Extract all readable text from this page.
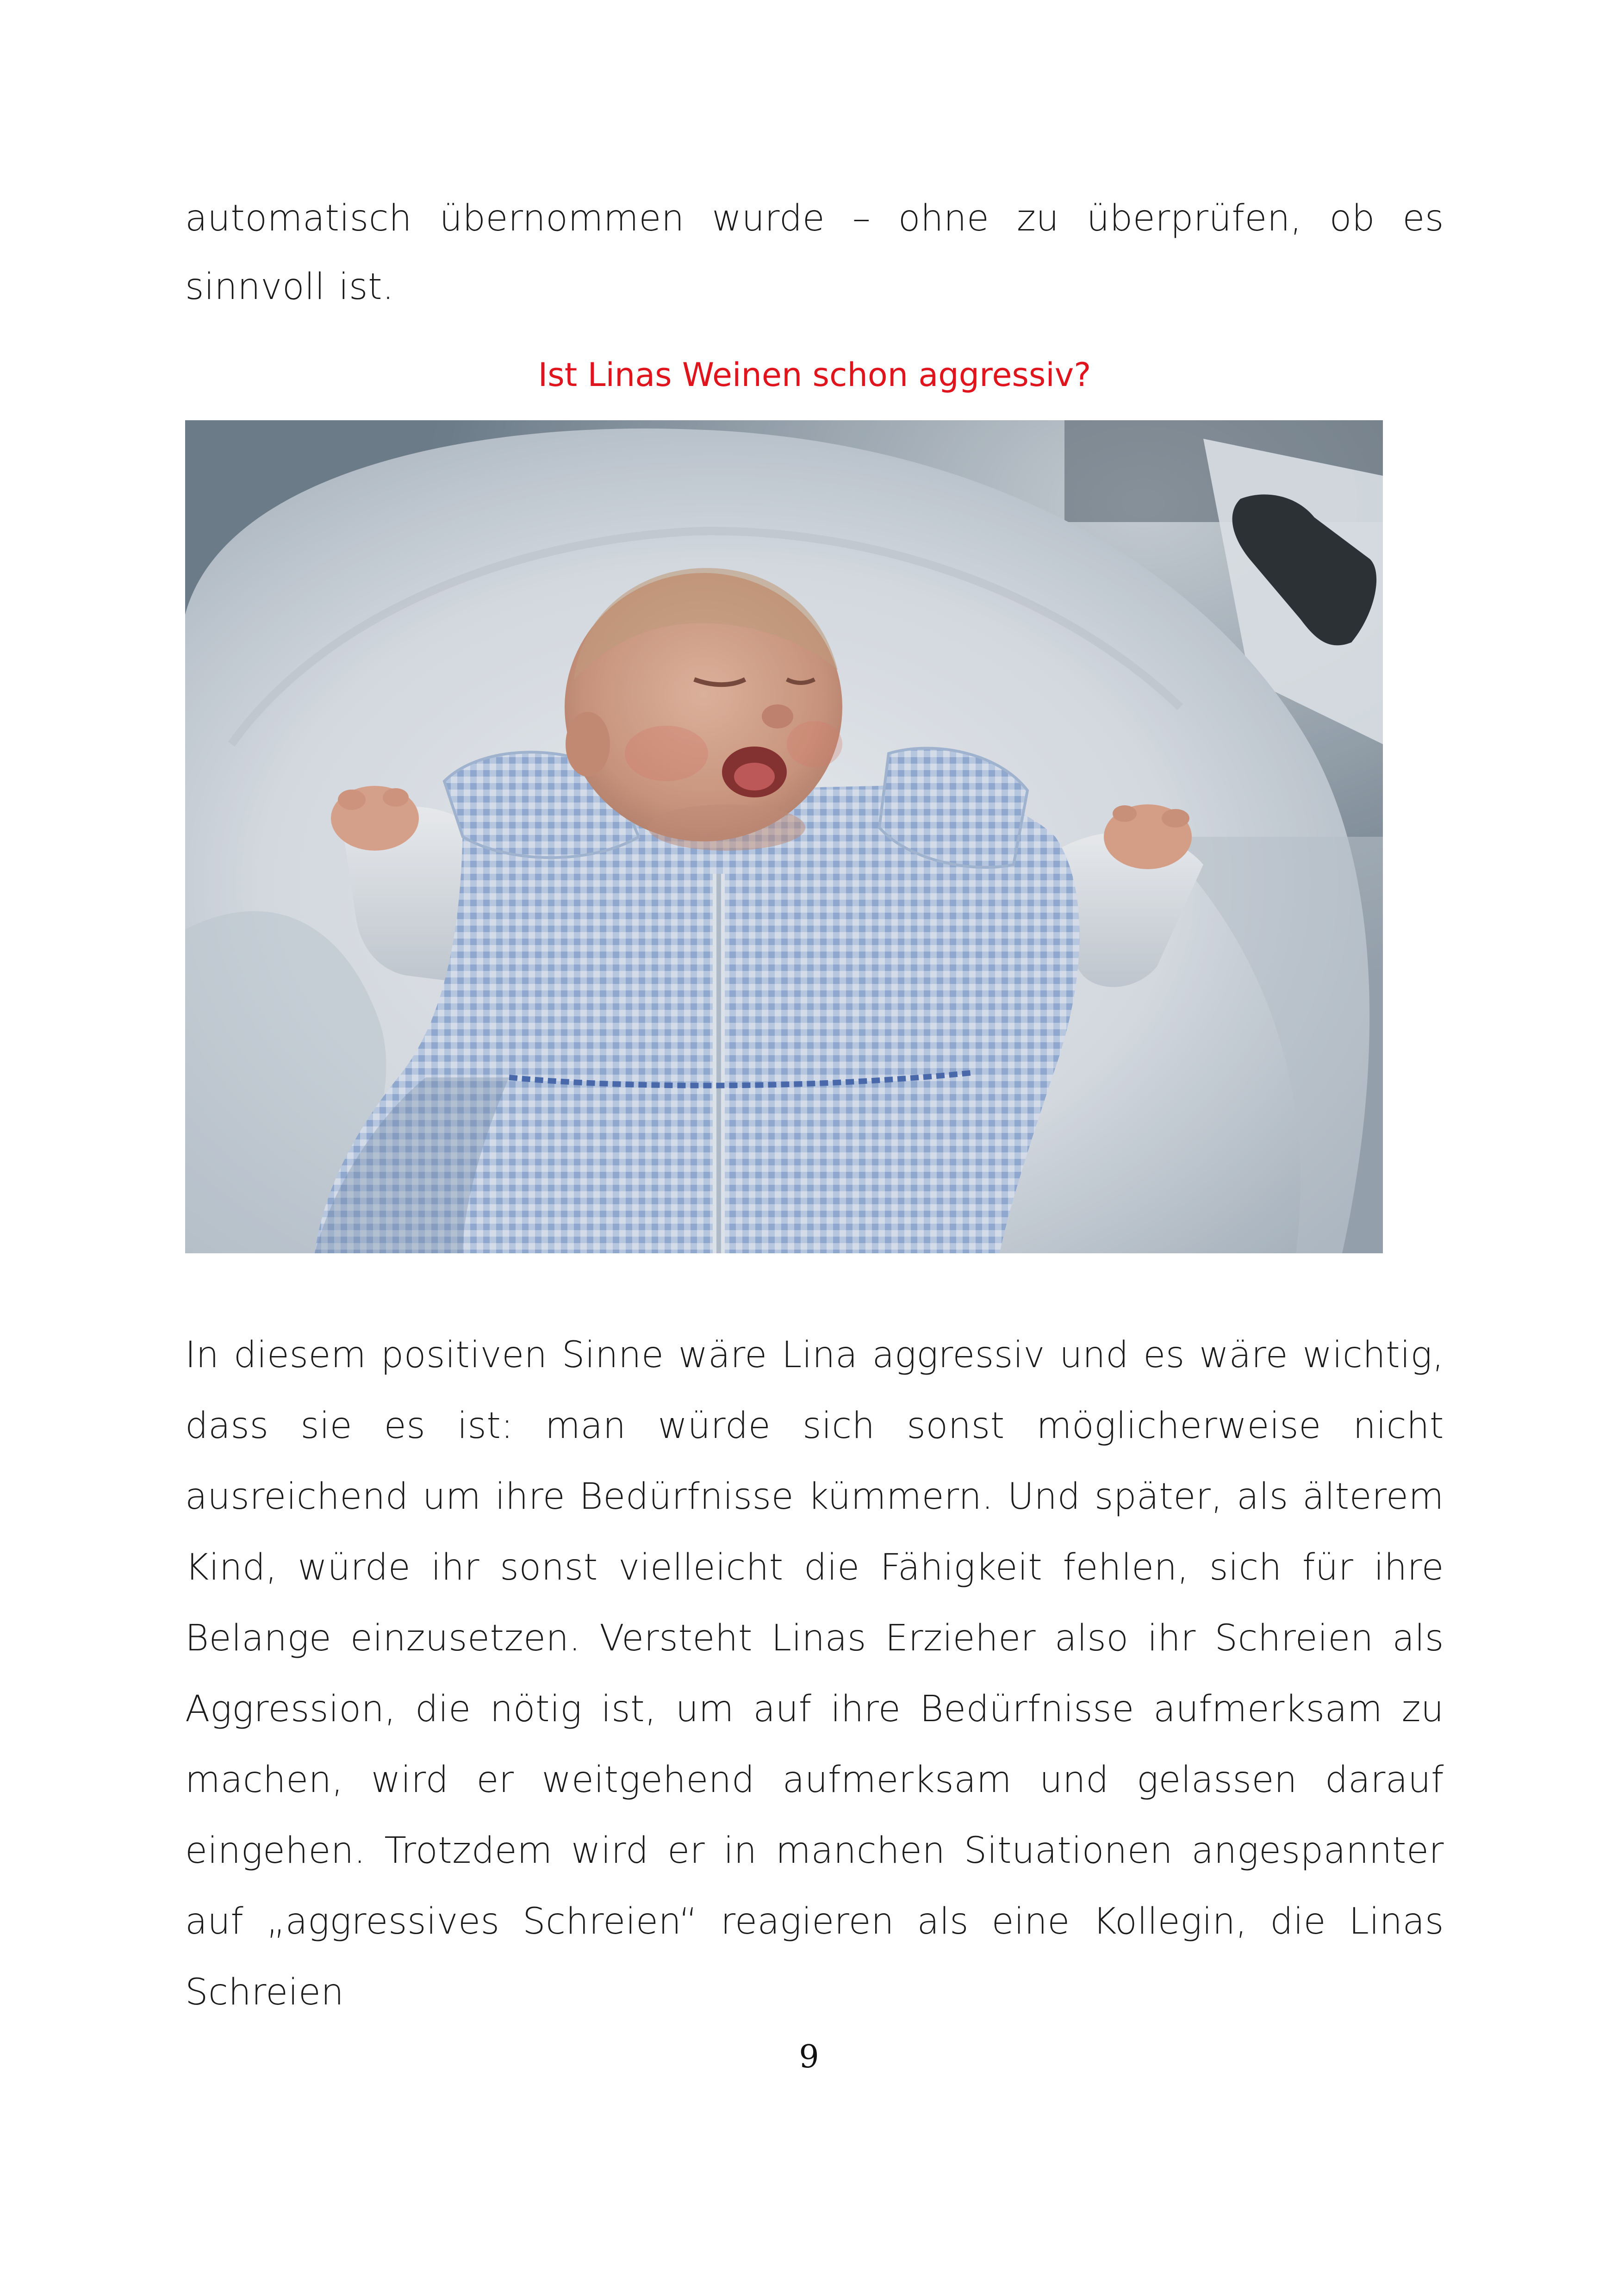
automatisch übernommen wurde – ohne zu überprüfen, ob es sinnvoll ist.

Ist Linas Weinen schon aggressiv?

In diesem positiven Sinne wäre Lina aggressiv und es wäre wichtig, dass sie es ist: man würde sich sonst möglicherweise nicht ausreichend um ihre Bedürfnisse kümmern. Und später, als älterem Kind, würde ihr sonst vielleicht die Fähigkeit fehlen, sich für ihre Belange einzusetzen. Versteht Linas Erzieher also ihr Schreien als Aggression, die nötig ist, um auf ihre Bedürfnisse aufmerksam zu machen, wird er weitgehend aufmerksam und gelassen darauf eingehen. Trotzdem wird er in manchen Situationen angespannter auf „aggressives Schreien“ reagieren als eine Kollegin, die Linas Schreien

9
